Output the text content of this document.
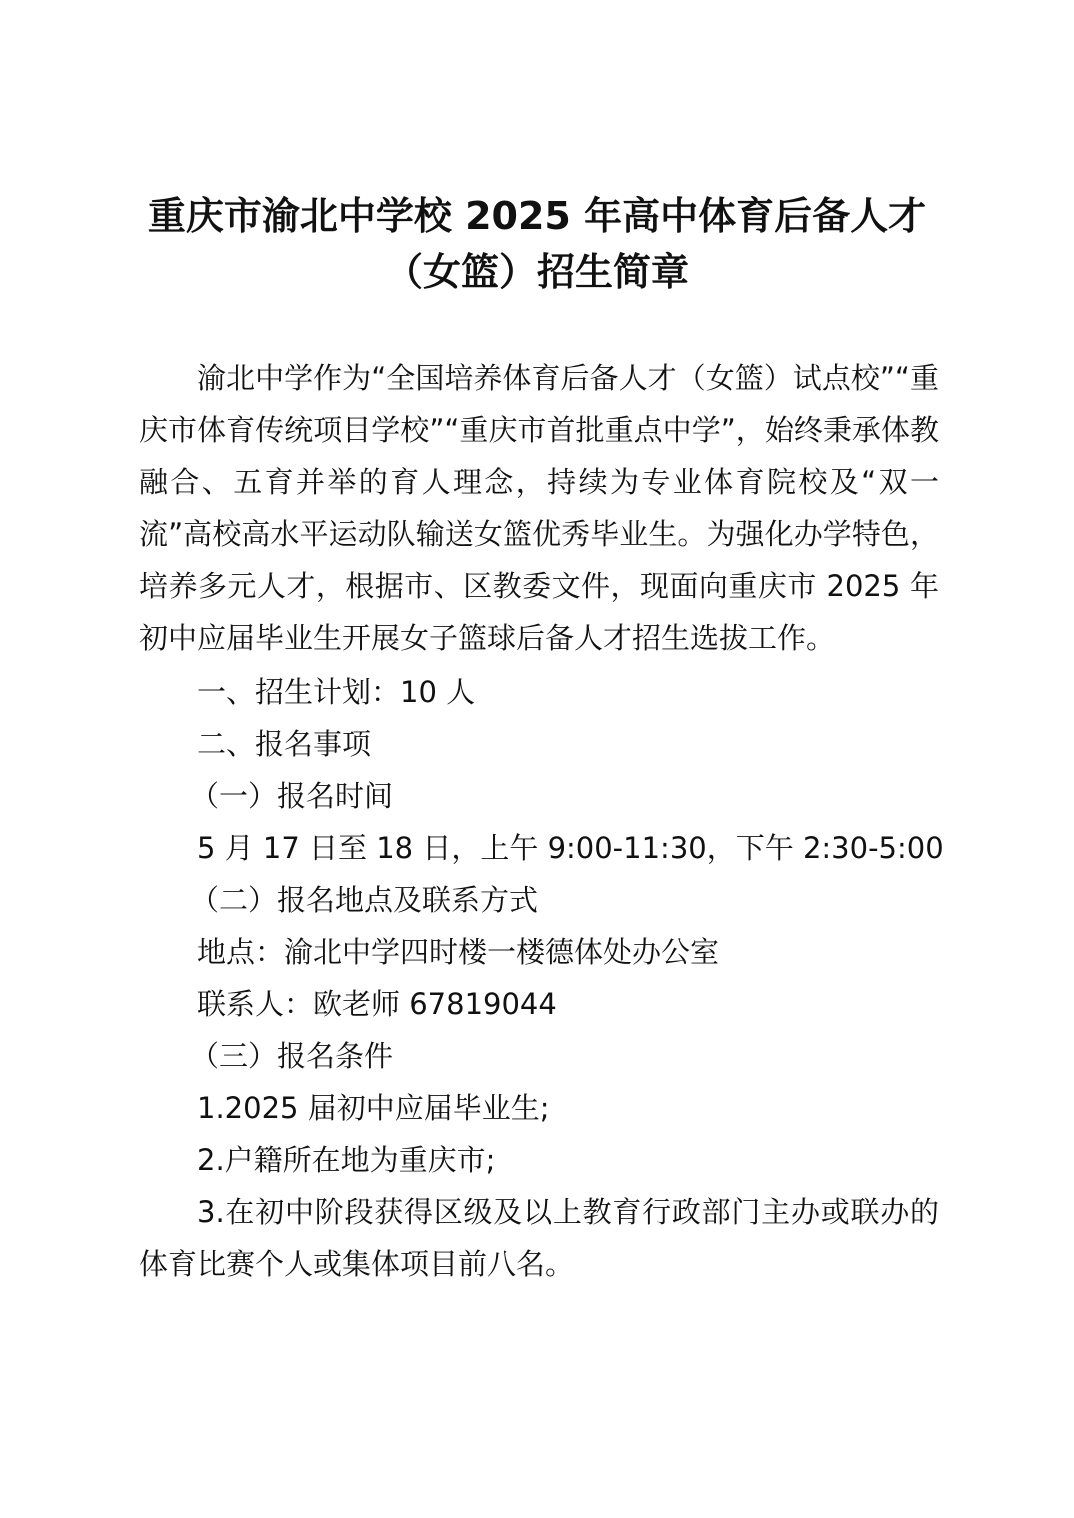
重庆市渝北中学校 2025 年高中体育后备人才
（女篮）招生简章
渝北中学作为“全国培养体育后备人才（女篮）试点校”“重庆市体育传统项目学校”“重庆市首批重点中学”，始终秉承体教融合、五育并举的育人理念，持续为专业体育院校及“双一流”高校高水平运动队输送女篮优秀毕业生。为强化办学特色，培养多元人才，根据市、区教委文件，现面向重庆市 2025 年初中应届毕业生开展女子篮球后备人才招生选拔工作。
一、招生计划：10 人
二、报名事项
（一）报名时间
5 月 17 日至 18 日，上午 9:00-11:30，下午 2:30-5:00
（二）报名地点及联系方式
地点：渝北中学四时楼一楼德体处办公室
联系人：欧老师 67819044
（三）报名条件
1.2025 届初中应届毕业生;
2.户籍所在地为重庆市;
3.在初中阶段获得区级及以上教育行政部门主办或联办的体育比赛个人或集体项目前八名。
